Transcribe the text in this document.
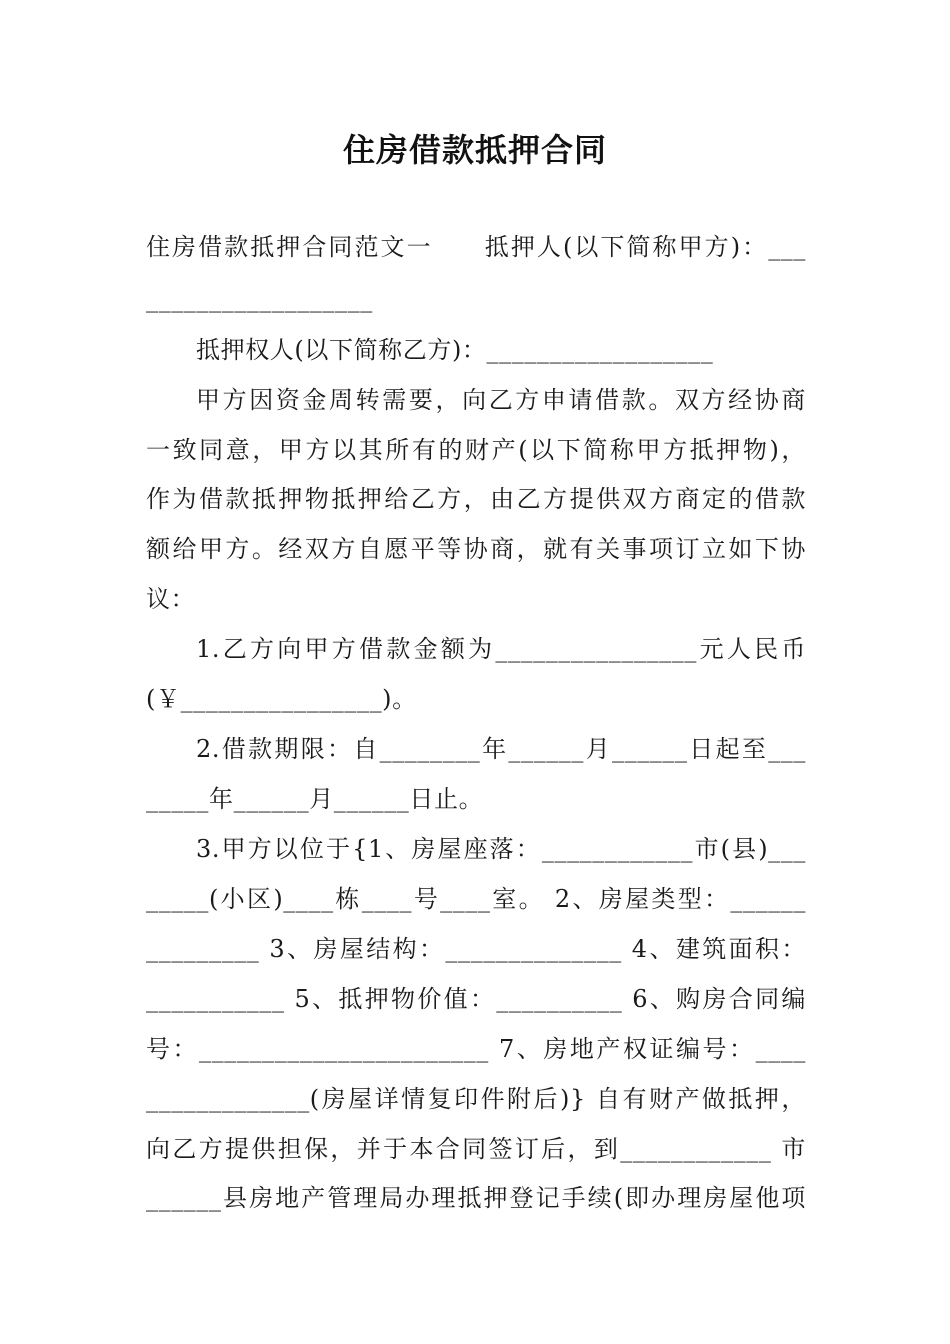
住房借款抵押合同
住房借款抵押合同范文一　　抵押人(以下简称甲方)：___
__________________
抵押权人(以下简称乙方)：__________________
甲方因资金周转需要，向乙方申请借款。双方经协商
一致同意，甲方以其所有的财产(以下简称甲方抵押物)，
作为借款抵押物抵押给乙方，由乙方提供双方商定的借款
额给甲方。经双方自愿平等协商，就有关事项订立如下协
议：
1.乙方向甲方借款金额为________________元人民币
(￥________________)。
2.借款期限：自________年______月______日起至___
_____年______月______日止。
3.甲方以位于{1、房屋座落：____________市(县)___
_____(小区)____栋____号____室。 2、房屋类型：______
_________ 3、房屋结构：______________ 4、建筑面积：
___________ 5、抵押物价值：__________ 6、购房合同编
号：_______________________ 7、房地产权证编号：____
_____________(房屋详情复印件附后)} 自有财产做抵押，
向乙方提供担保，并于本合同签订后，到____________ 市
______县房地产管理局办理抵押登记手续(即办理房屋他项
